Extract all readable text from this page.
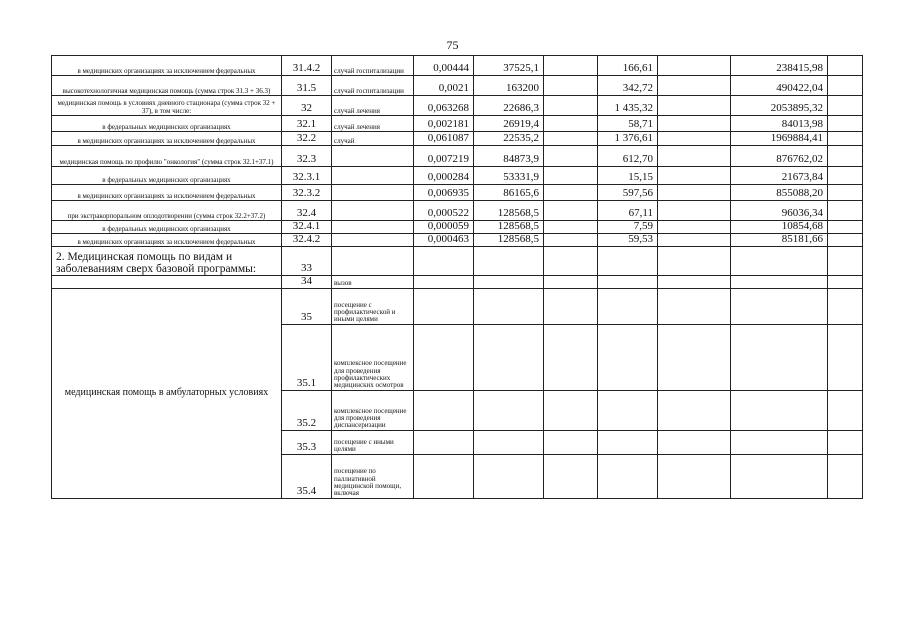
75
в медицинских организациях за исключением федеральных	31.4.2	случай госпитализации	0,00444	37525,1		166,61		238415,98	
высокотехнологичная медицинская помощь (сумма строк 31.3 + 36.3)	31.5	случай госпитализации	0,0021	163200		342,72		490422,04	
медицинская помощь в условиях дневного стационара (сумма строк 32 + 37), в том числе:	32	случай лечения	0,063268	22686,3		1 435,32		2053895,32	
в федеральных медицинских организациях	32.1	случай лечения	0,002181	26919,4		58,71		84013,98	
в медицинских организациях за исключением федеральных	32.2	случай	0,061087	22535,2		1 376,61		1969884,41	
медицинская помощь по профилю "онкология" (сумма строк 32.1+37.1)	32.3		0,007219	84873,9		612,70		876762,02	
в федеральных медицинских организациях	32.3.1		0,000284	53331,9		15,15		21673,84	
в медицинских организациях за исключением федеральных	32.3.2		0,006935	86165,6		597,56		855088,20	
при экстракорпоральном оплодотворении (сумма строк 32.2+37.2)	32.4		0,000522	128568,5		67,11		96036,34	
в федеральных медицинских организациях	32.4.1		0,000059	128568,5		7,59		10854,68	
в медицинских организациях за исключением федеральных	32.4.2		0,000463	128568,5		59,53		85181,66	
2. Медицинская помощь по видам и заболеваниям сверх базовой программы:	33								
	34	вызов							
медицинская помощь в амбулаторных условиях	35	посещение с профилактической и иными целями							
	35.1	комплексное посещение для проведения профилактических медицинских осмотров							
	35.2	комплексное посещение для проведения диспансеризации							
	35.3	посещение с иными целями							
	35.4	посещение по паллиативной медицинской помощи, включая							
